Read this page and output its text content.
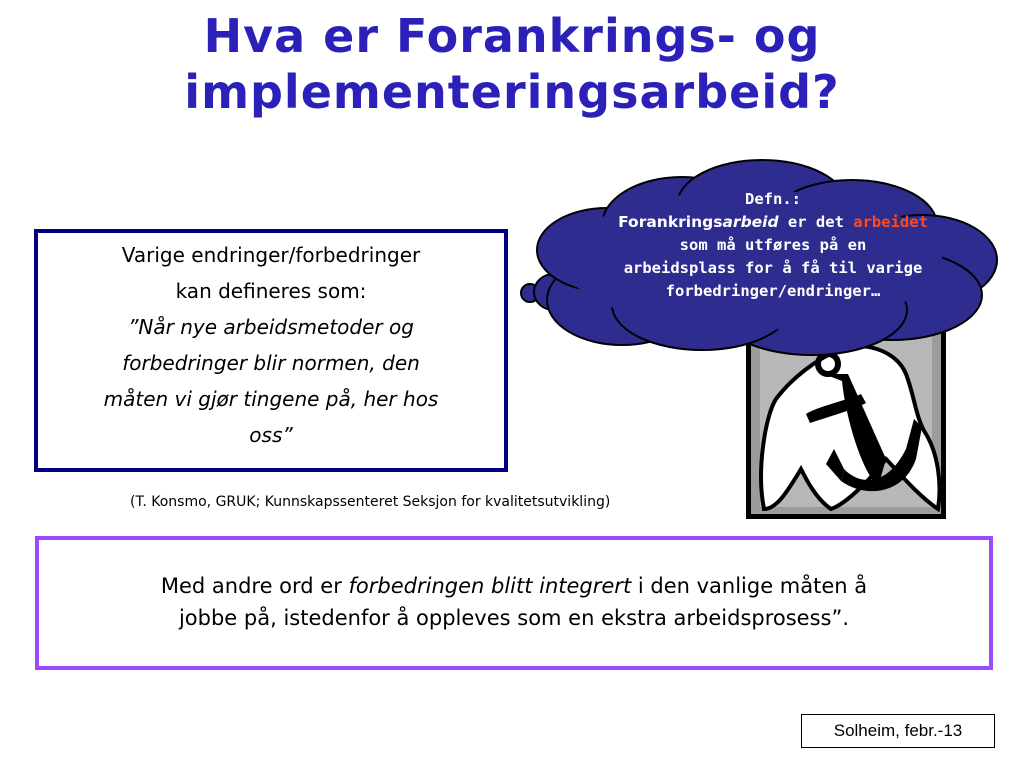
Hva er Forankrings- og
implementeringsarbeid?
Varige endringer/forbedringer
kan defineres som:
”Når nye arbeidsmetoder og
forbedringer blir normen, den
måten vi gjør tingene på, her hos
oss”
(T. Konsmo, GRUK; Kunnskapssenteret Seksjon for kvalitetsutvikling)
Defn.:
Forankringsarbeid er det arbeidet
som må utføres på en
arbeidsplass for å få til varige
forbedringer/endringer…
Med andre ord er forbedringen blitt integrert i den vanlige måten å
jobbe på, istedenfor å oppleves som en ekstra arbeidsprosess”.
Solheim, febr.-13
